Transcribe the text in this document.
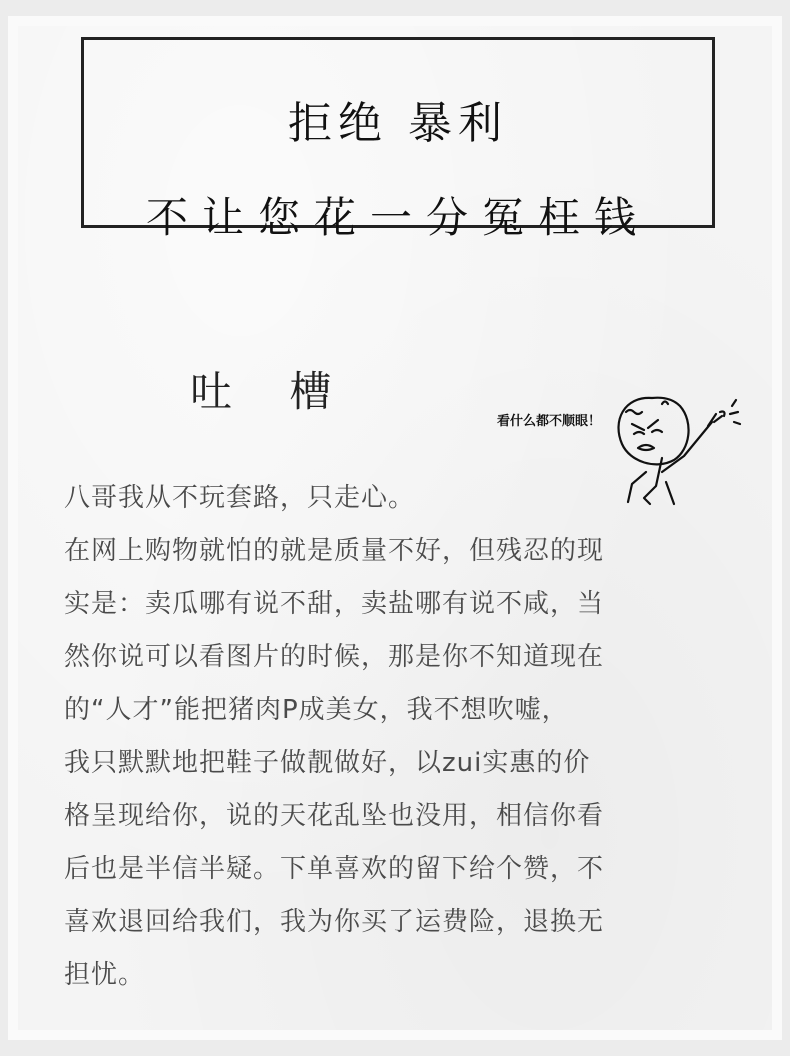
拒绝 暴利
不让您花一分冤枉钱
吐 槽
看什么都不顺眼！
八哥我从不玩套路，只走心。
在网上购物就怕的就是质量不好，但残忍的现
实是：卖瓜哪有说不甜，卖盐哪有说不咸，当
然你说可以看图片的时候，那是你不知道现在
的“人才”能把猪肉P成美女，我不想吹嘘，
我只默默地把鞋子做靓做好，以zui实惠的价
格呈现给你，说的天花乱坠也没用，相信你看
后也是半信半疑。下单喜欢的留下给个赞，不
喜欢退回给我们，我为你买了运费险，退换无
担忧。
